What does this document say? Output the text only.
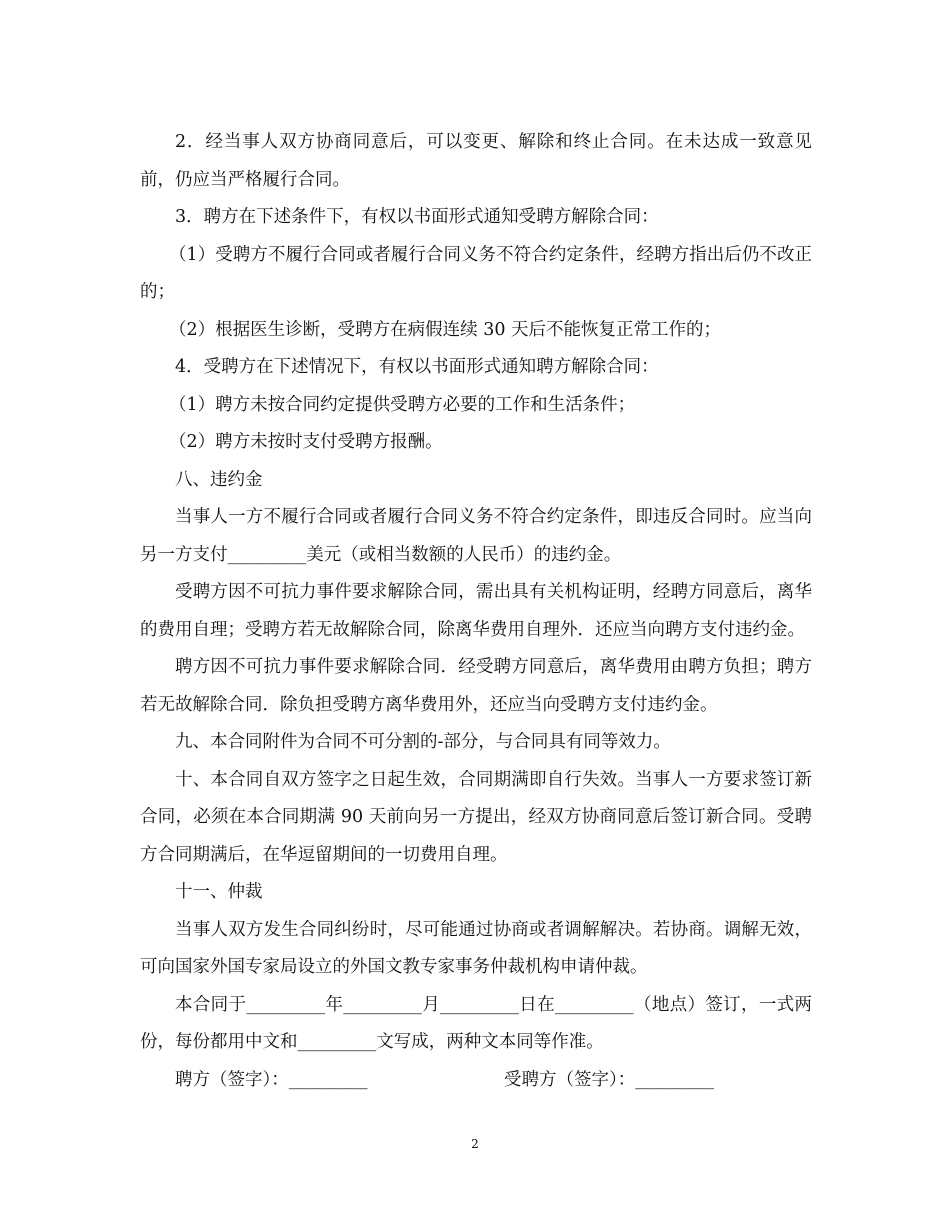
2．经当事人双方协商同意后，可以变更、解除和终止合同。在未达成一致意见前，仍应当严格履行合同。

3．聘方在下述条件下，有权以书面形式通知受聘方解除合同：

（1）受聘方不履行合同或者履行合同义务不符合约定条件，经聘方指出后仍不改正的；

（2）根据医生诊断，受聘方在病假连续 30 天后不能恢复正常工作的；

4．受聘方在下述情况下，有权以书面形式通知聘方解除合同：

（1）聘方未按合同约定提供受聘方必要的工作和生活条件；

（2）聘方未按时支付受聘方报酬。

八、违约金

当事人一方不履行合同或者履行合同义务不符合约定条件，即违反合同时。应当向另一方支付_________美元（或相当数额的人民币）的违约金。

受聘方因不可抗力事件要求解除合同，需出具有关机构证明，经聘方同意后，离华的费用自理；受聘方若无故解除合同，除离华费用自理外．还应当向聘方支付违约金。

聘方因不可抗力事件要求解除合同．经受聘方同意后，离华费用由聘方负担；聘方若无故解除合同．除负担受聘方离华费用外，还应当向受聘方支付违约金。

九、本合同附件为合同不可分割的-部分，与合同具有同等效力。

十、本合同自双方签字之日起生效，合同期满即自行失效。当事人一方要求签订新合同，必须在本合同期满 90 天前向另一方提出，经双方协商同意后签订新合同。受聘方合同期满后，在华逗留期间的一切费用自理。

十一、仲裁

当事人双方发生合同纠纷时，尽可能通过协商或者调解解决。若协商。调解无效，可向国家外国专家局设立的外国文教专家事务仲裁机构申请仲裁。

本合同于_________年_________月_________日在_________（地点）签订，一式两份，每份都用中文和_________文写成，两种文本同等作准。

聘方（签字）：_________	受聘方（签字）：_________
2
